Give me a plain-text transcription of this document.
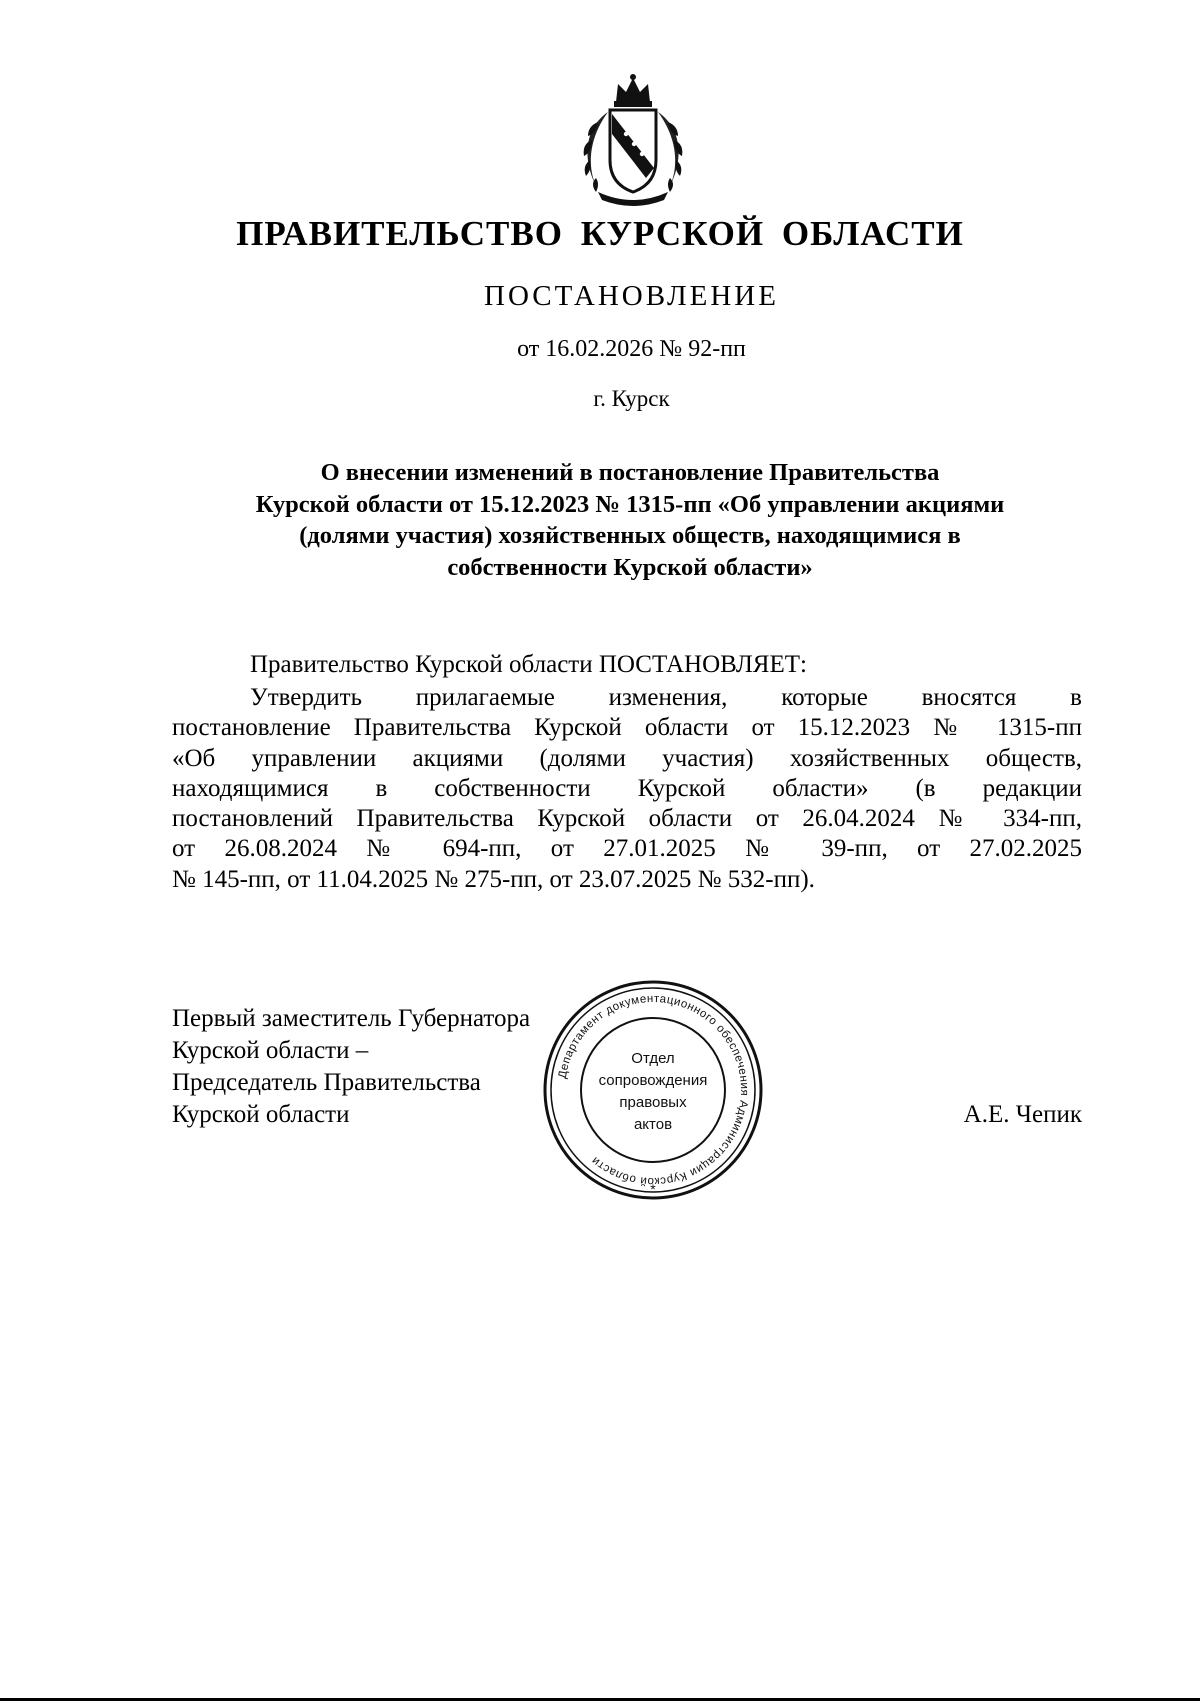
ПРАВИТЕЛЬСТВО КУРСКОЙ ОБЛАСТИ
ПОСТАНОВЛЕНИЕ
от 16.02.2026 № 92-пп
г. Курск
О внесении изменений в постановление Правительства
Курской области от 15.12.2023 № 1315-пп «Об управлении акциями
(долями участия) хозяйственных обществ, находящимися в
собственности Курской области»
Правительство Курской области ПОСТАНОВЛЯЕТ:
Утвердить прилагаемые изменения, которые вносятся в
постановление Правительства Курской области от 15.12.2023 № 1315-пп
«Об управлении акциями (долями участия) хозяйственных обществ,
находящимися в собственности Курской области» (в редакции
постановлений Правительства Курской области от 26.04.2024 № 334-пп,
от 26.08.2024 № 694-пп, от 27.01.2025 № 39-пп, от 27.02.2025
№ 145-пп, от 11.04.2025 № 275-пп, от 23.07.2025 № 532-пп).
Первый заместитель Губернатора
Курской области –
Председатель Правительства
Курской области	А.Е. Чепик
Департамент документационного обеспечения Администрации Курской области
Отдел
сопровождения
правовых
актов
*
